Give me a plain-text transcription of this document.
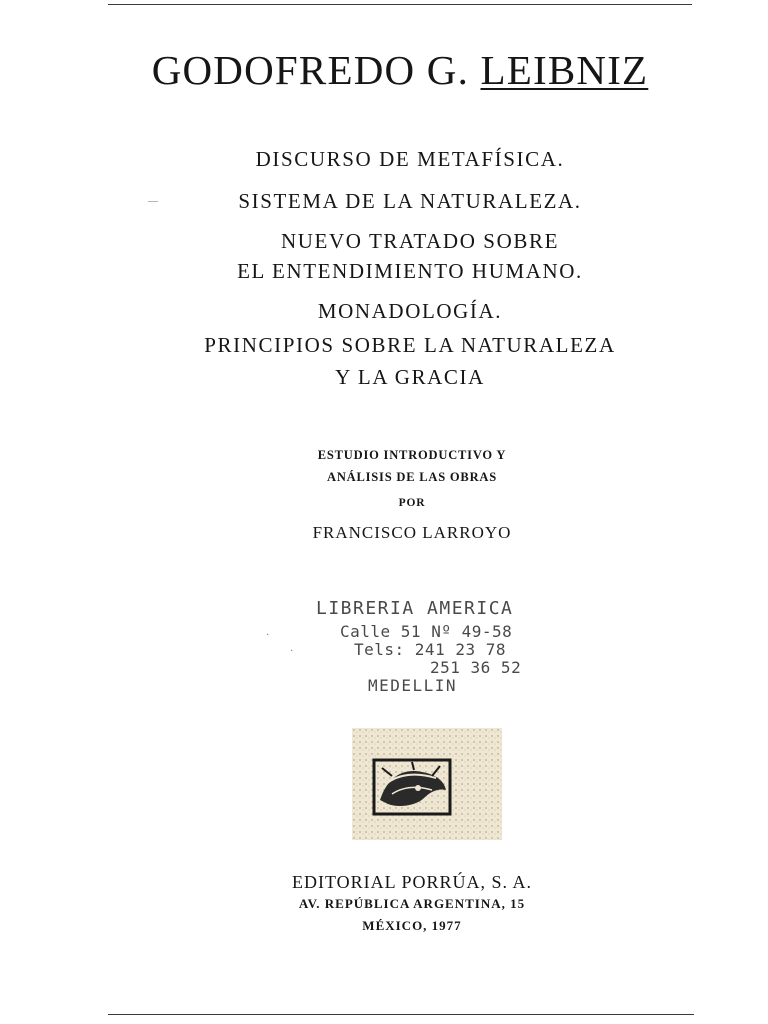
GODOFREDO G. LEIBNIZ
DISCURSO DE METAFÍSICA.
SISTEMA DE LA NATURALEZA.
NUEVO TRATADO SOBRE
EL ENTENDIMIENTO HUMANO.
MONADOLOGÍA.
PRINCIPIOS SOBRE LA NATURALEZA
Y LA GRACIA
ESTUDIO INTRODUCTIVO Y
ANÁLISIS DE LAS OBRAS
POR
FRANCISCO LARROYO
LIBRERIA AMERICA
Calle 51 Nº 49-58
Tels: 241 23 78
251 36 52
MEDELLIN
·
·
—
EDITORIAL PORRÚA, S. A.
AV. REPÚBLICA ARGENTINA, 15
MÉXICO, 1977
